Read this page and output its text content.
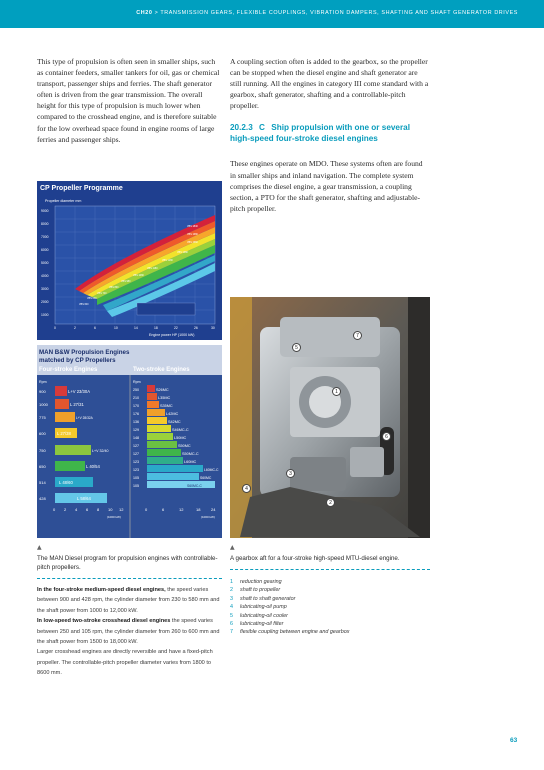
CH20 > TRANSMISSION GEARS, FLEXIBLE COUPLINGS, VIBRATION DAMPERS, SHAFTING AND SHAFT GENERATOR DRIVES

This type of propulsion is often seen in smaller ships, such as container feeders, smaller tankers for oil, gas or chemical transport, passenger ships and ferries. The shaft generator often is driven from the gear transmission. The overall height for this type of propulsion is much lower when compared to the crosshead engine, and is therefore suitable for the low overhead space found in engine rooms of large ferries and passenger ships.

A coupling section often is added to the gearbox, so the propeller can be stopped when the diesel engine and shaft generator are still running. All the engines in category III come standard with a gearbox, shaft generator, shafting and a controllable-pitch propeller.

20.2.3 C Ship propulsion with one or several high-speed four-stroke diesel engines

These engines operate on MDO. These systems often are found in smaller ships and inland navigation. The complete system comprises the diesel engine, a gear transmission, a coupling section, a PTO for the shaft generator, shafting and adjustable-pitch propeller.

CP Propeller Programme
Propeller diameter mm
9000
8000
7000
6000
5000
4000
3000
2000
1000
VBS 1840
VBS 1680
VBS 1560
VBS 1380
VBS 1280
VBS 1180
VBS 1080
VBS 980
VBS 860
VBS 740
VBS 640
VBS 600
0	2	6	10	14	18	22	26	30
Engine power HP (1000 kW)
MAN B&W Propulsion Engines
matched by CP Propellers
Four-stroke Engines	Two-stroke Engines
Rpm
900
1000
775
600
750
650
514
428
L+V 23/30A
L 27/31
L+V 28/32A
L 27/38
L+V 32/40
L 40/54
L 48/60
L 58/64
0 2 4 6 8 10 12
(1000 kW)
Rpm
250
210
170
176
136
129
148
127
127
123
123
105
105
S26MC
L35MC
S35MC
L42MC
S42MC
S46MC-C
L50MC
S50MC
S50MC-C
L60MC
L60MC-C
S60MC
S60MC-C
0	6	12	18	24
(1000 kW)
1
2
3
4
5
6
7
▲
The MAN Diesel program for propulsion engines with controllable-pitch propellers.
▲
A gearbox aft for a four-stroke high-speed MTU-diesel engine.
1 reduction gearing
2 shaft to propeller
3 shaft to shaft generator
4 lubricating-oil pump
5 lubricating-oil cooler
6 lubricating-oil filter
7 flexible coupling between engine and gearbox

In the four-stroke medium-speed diesel engines, the speed varies between 900 and 428 rpm, the cylinder diameter from 230 to 580 mm and the shaft power from 1000 to 12,000 kW.

In low-speed two-stroke crosshead diesel engines the speed varies between 250 and 105 rpm, the cylinder diameter from 260 to 600 mm and the shaft power from 1500 to 18,000 kW.

Larger crosshead engines are directly reversible and have a fixed-pitch propeller. The controllable-pitch propeller diameter varies from 1800 to 8600 mm.

63
